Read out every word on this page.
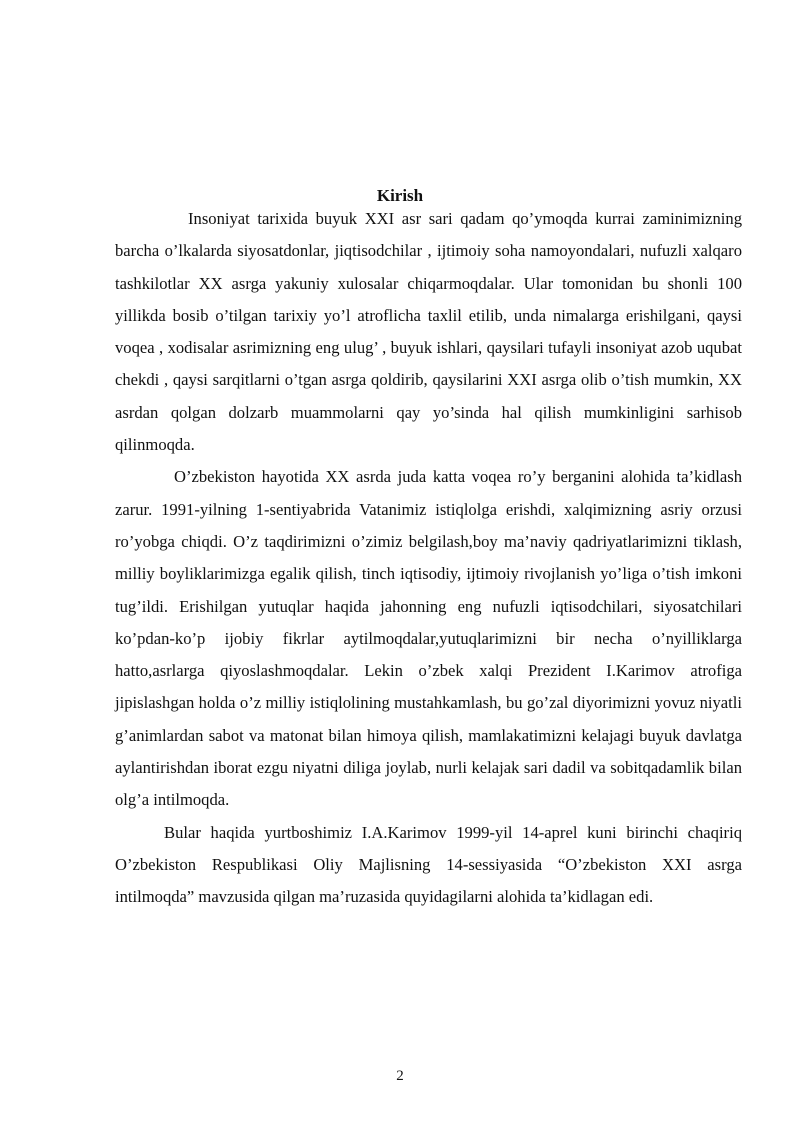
Kirish

Insoniyat tarixida buyuk XXI asr sari qadam qo’ymoqda kurrai zaminimizning barcha o’lkalarda siyosatdonlar, jiqtisodchilar , ijtimoiy soha namoyondalari, nufuzli xalqaro tashkilotlar XX asrga yakuniy xulosalar chiqarmoqdalar. Ular tomonidan bu shonli 100 yillikda bosib o’tilgan tarixiy yo’l atroflicha taxlil etilib, unda nimalarga erishilgani, qaysi voqea , xodisalar asrimizning eng ulug’ , buyuk ishlari, qaysilari tufayli insoniyat azob uqubat chekdi , qaysi sarqitlarni o’tgan asrga qoldirib, qaysilarini XXI asrga olib o’tish mumkin, XX asrdan qolgan dolzarb muammolarni qay yo’sinda hal qilish mumkinligini sarhisob qilinmoqda.

O’zbekiston hayotida XX asrda juda katta voqea ro’y berganini alohida ta’kidlash zarur. 1991-yilning 1-sentiyabrida Vatanimiz istiqlolga erishdi, xalqimizning asriy orzusi ro’yobga chiqdi. O’z taqdirimizni o’zimiz belgilash,boy ma’naviy qadriyatlarimizni tiklash, milliy boyliklarimizga egalik qilish, tinch iqtisodiy, ijtimoiy rivojlanish yo’liga o’tish imkoni tug’ildi. Erishilgan yutuqlar haqida jahonning eng nufuzli iqtisodchilari, siyosatchilari ko’pdan-ko’p ijobiy fikrlar aytilmoqdalar,yutuqlarimizni bir necha o’nyilliklarga hatto,asrlarga qiyoslashmoqdalar. Lekin o’zbek xalqi Prezident I.Karimov atrofiga jipislashgan holda o’z milliy istiqlolining mustahkamlash, bu go’zal diyorimizni yovuz niyatli g’animlardan sabot va matonat bilan himoya qilish, mamlakatimizni kelajagi buyuk davlatga aylantirishdan iborat ezgu niyatni diliga joylab, nurli kelajak sari dadil va sobitqadamlik bilan olg’a intilmoqda.

Bular haqida yurtboshimiz I.A.Karimov 1999-yil 14-aprel kuni birinchi chaqiriq O’zbekiston Respublikasi Oliy Majlisning 14-sessiyasida “O’zbekiston XXI asrga intilmoqda” mavzusida qilgan ma’ruzasida quyidagilarni alohida ta’kidlagan edi.

2
